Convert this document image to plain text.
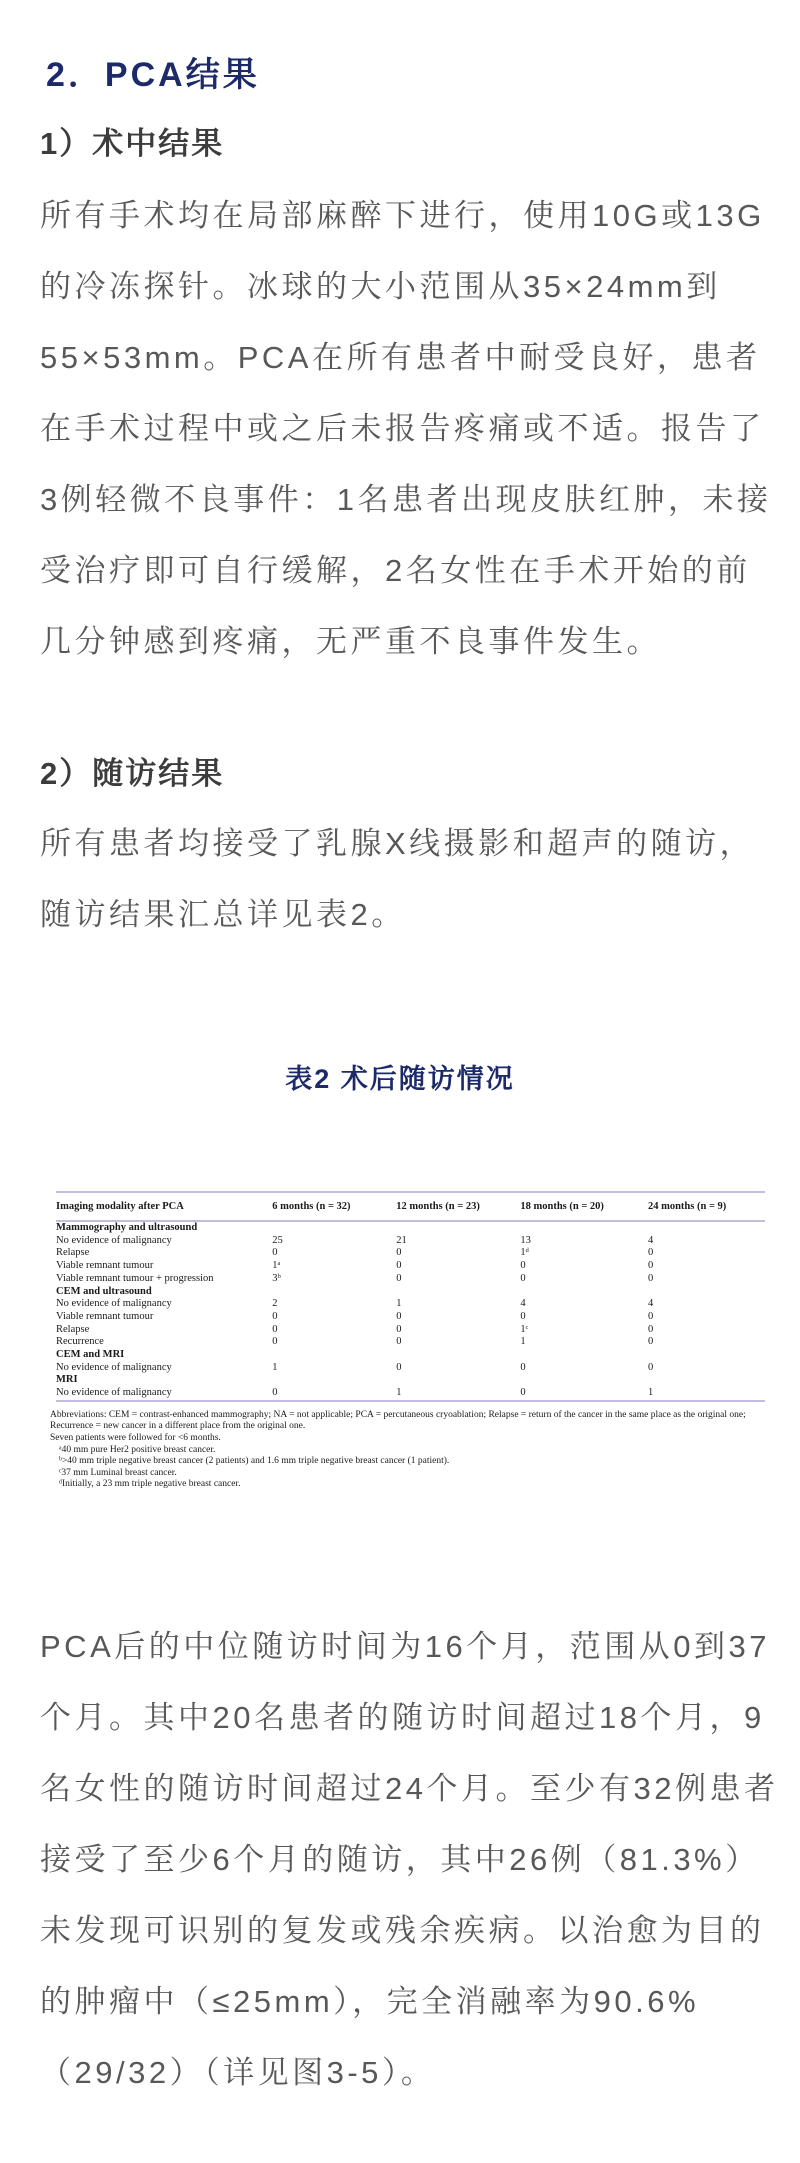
2．PCA结果
1）术中结果
所有手术均在局部麻醉下进行，使用10G或13G
的冷冻探针。冰球的大小范围从35×24mm到
55×53mm。PCA在所有患者中耐受良好，患者
在手术过程中或之后未报告疼痛或不适。报告了
3例轻微不良事件：1名患者出现皮肤红肿，未接
受治疗即可自行缓解，2名女性在手术开始的前
几分钟感到疼痛，无严重不良事件发生。
2）随访结果
所有患者均接受了乳腺X线摄影和超声的随访，
随访结果汇总详见表2。
表2 术后随访情况
Imaging modality after PCA	6 months (n = 32)	12 months (n = 23)	18 months (n = 20)	24 months (n = 9)
Mammography and ultrasound
No evidence of malignancy	25	21	13	4
Relapse	0	0	1ᵈ	0
Viable remnant tumour	1ᵃ	0	0	0
Viable remnant tumour + progression	3ᵇ	0	0	0
CEM and ultrasound
No evidence of malignancy	2	1	4	4
Viable remnant tumour	0	0	0	0
Relapse	0	0	1ᶜ	0
Recurrence	0	0	1	0
CEM and MRI
No evidence of malignancy	1	0	0	0
MRI
No evidence of malignancy	0	1	0	1
Abbreviations: CEM = contrast-enhanced mammography; NA = not applicable; PCA = percutaneous cryoablation; Relapse = return of the cancer in the same place as the original one; Recurrence = new cancer in a different place from the original one.
Seven patients were followed for <6 months.
ᵃ40 mm pure Her2 positive breast cancer.
ᵇ>40 mm triple negative breast cancer (2 patients) and 1.6 mm triple negative breast cancer (1 patient).
ᶜ37 mm Luminal breast cancer.
ᵈInitially, a 23 mm triple negative breast cancer.
PCA后的中位随访时间为16个月，范围从0到37
个月。其中20名患者的随访时间超过18个月，9
名女性的随访时间超过24个月。至少有32例患者
接受了至少6个月的随访，其中26例（81.3%）
未发现可识别的复发或残余疾病。以治愈为目的
的肿瘤中（≤25mm），完全消融率为90.6%
（29/32）（详见图3-5）。
